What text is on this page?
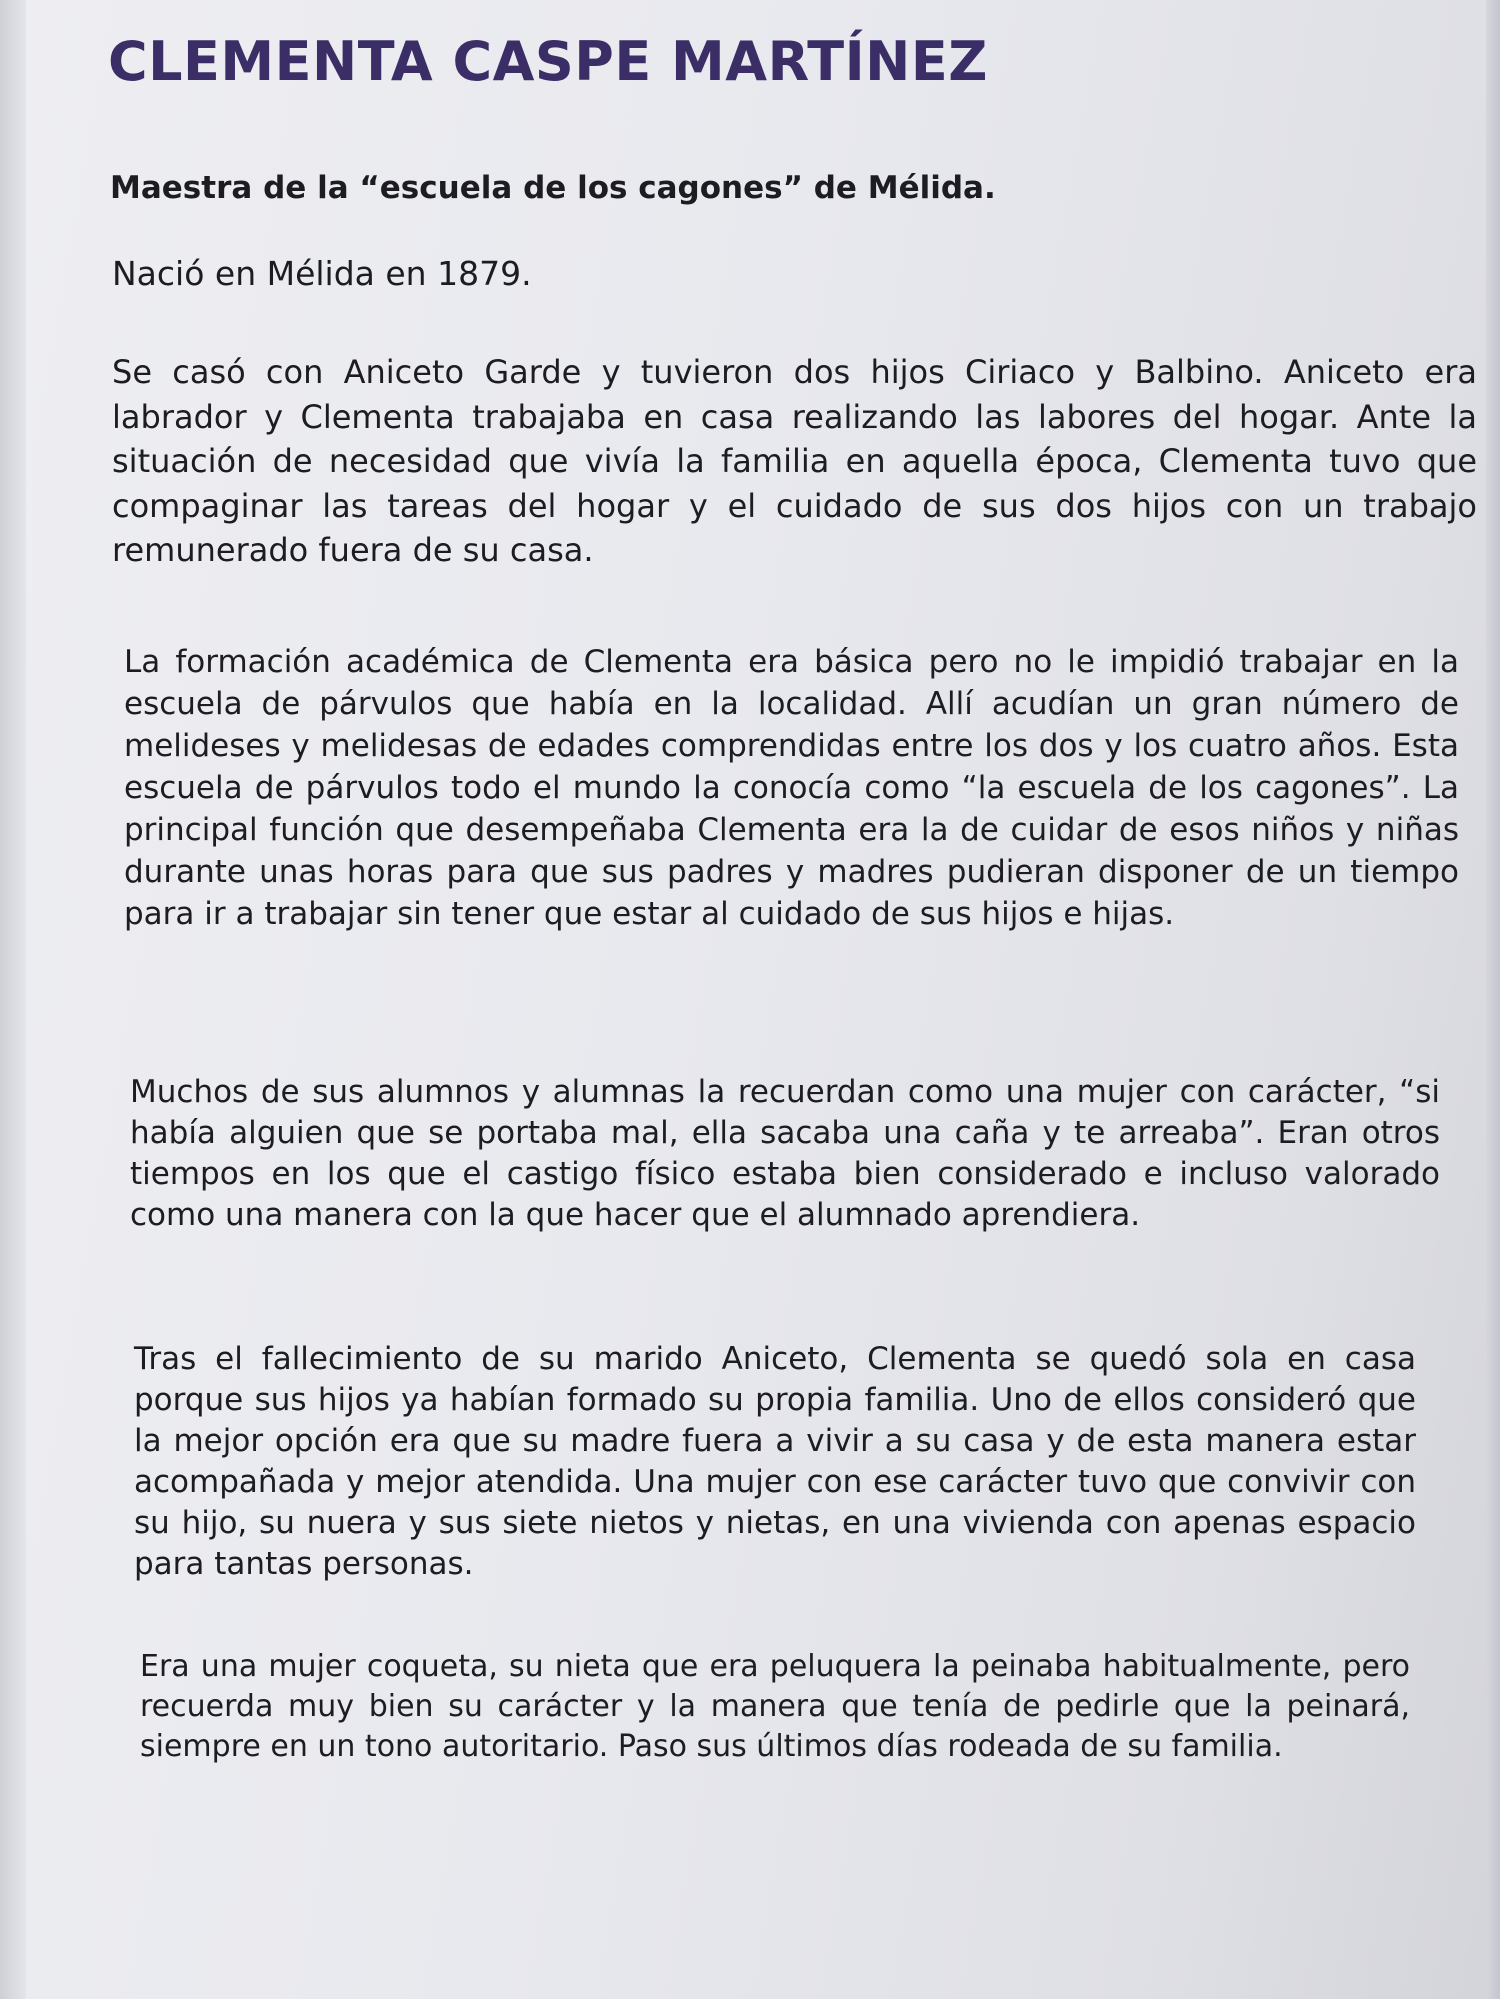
CLEMENTA CASPE MARTÍNEZ

Maestra de la “escuela de los cagones” de Mélida.

Nació en Mélida en 1879.

Se casó con Aniceto Garde y tuvieron dos hijos Ciriaco y Balbino. Aniceto era labrador y Clementa trabajaba en casa realizando las labores del hogar. Ante la situación de necesidad que vivía la familia en aquella época, Clementa tuvo que compaginar las tareas del hogar y el cuidado de sus dos hijos con un trabajo remunerado fuera de su casa.

La formación académica de Clementa era básica pero no le impidió trabajar en la escuela de párvulos que había en la localidad. Allí acudían un gran número de melideses y melidesas de edades comprendidas entre los dos y los cuatro años. Esta escuela de párvulos todo el mundo la conocía como “la escuela de los cagones”. La principal función que desempeñaba Clementa era la de cuidar de esos niños y niñas durante unas horas para que sus padres y madres pudieran disponer de un tiempo para ir a trabajar sin tener que estar al cuidado de sus hijos e hijas.

Muchos de sus alumnos y alumnas la recuerdan como una mujer con carácter, “si había alguien que se portaba mal, ella sacaba una caña y te arreaba”. Eran otros tiempos en los que el castigo físico estaba bien considerado e incluso valorado como una manera con la que hacer que el alumnado aprendiera.

Tras el fallecimiento de su marido Aniceto, Clementa se quedó sola en casa porque sus hijos ya habían formado su propia familia. Uno de ellos consideró que la mejor opción era que su madre fuera a vivir a su casa y de esta manera estar acompañada y mejor atendida. Una mujer con ese carácter tuvo que convivir con su hijo, su nuera y sus siete nietos y nietas, en una vivienda con apenas espacio para tantas personas.

Era una mujer coqueta, su nieta que era peluquera la peinaba habitualmente, pero recuerda muy bien su carácter y la manera que tenía de pedirle que la peinará, siempre en un tono autoritario. Paso sus últimos días rodeada de su familia.
